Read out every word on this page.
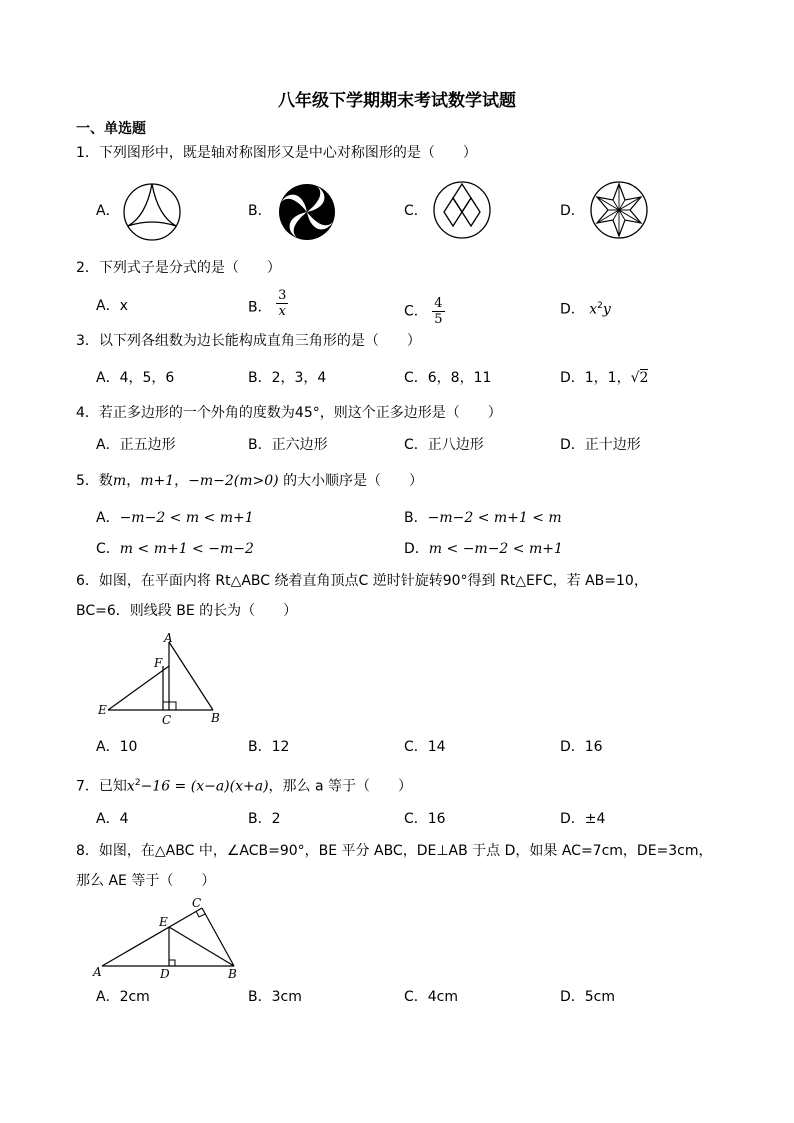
八年级下学期期末考试数学试题
一、单选题
1．下列图形中，既是轴对称图形又是中心对称图形的是（　　）
A．	B．	C．	D．
2．下列式子是分式的是（　　）
A．x	B． $\frac{3}{x}$	C． $\frac{4}{5}$	D． $x^2y$
3．以下列各组数为边长能构成直角三角形的是（　　）
A．4，5，6	B．2，3，4	C．6，8，11	D．1，1，√2
4．若正多边形的一个外角的度数为45°，则这个正多边形是（　　）
A．正五边形	B．正六边形	C．正八边形	D．正十边形
5．数m，m+1，−m−2(m>0) 的大小顺序是（　　）
A．−m−2 < m < m+1	B．−m−2 < m+1 < m
C．m < m+1 < −m−2	D．m < −m−2 < m+1
6．如图，在平面内将 Rt△ABC 绕着直角顶点C 逆时针旋转90°得到 Rt△EFC，若 AB=10，
BC=6．则线段 BE 的长为（　　）
A
F
E
C	B
A．10	B．12	C．14	D．16
7．已知$x^2-16 = (x-a)(x+a)$，那么 a 等于（　　）
A．4	B．2	C．16	D．±4
8．如图，在△ABC 中，∠ACB=90°，BE 平分 ABC，DE⊥AB 于点 D，如果 AC=7cm，DE=3cm，
那么 AE 等于（　　）
A	B
C
E
D
A．2cm	B．3cm	C．4cm	D．5cm
